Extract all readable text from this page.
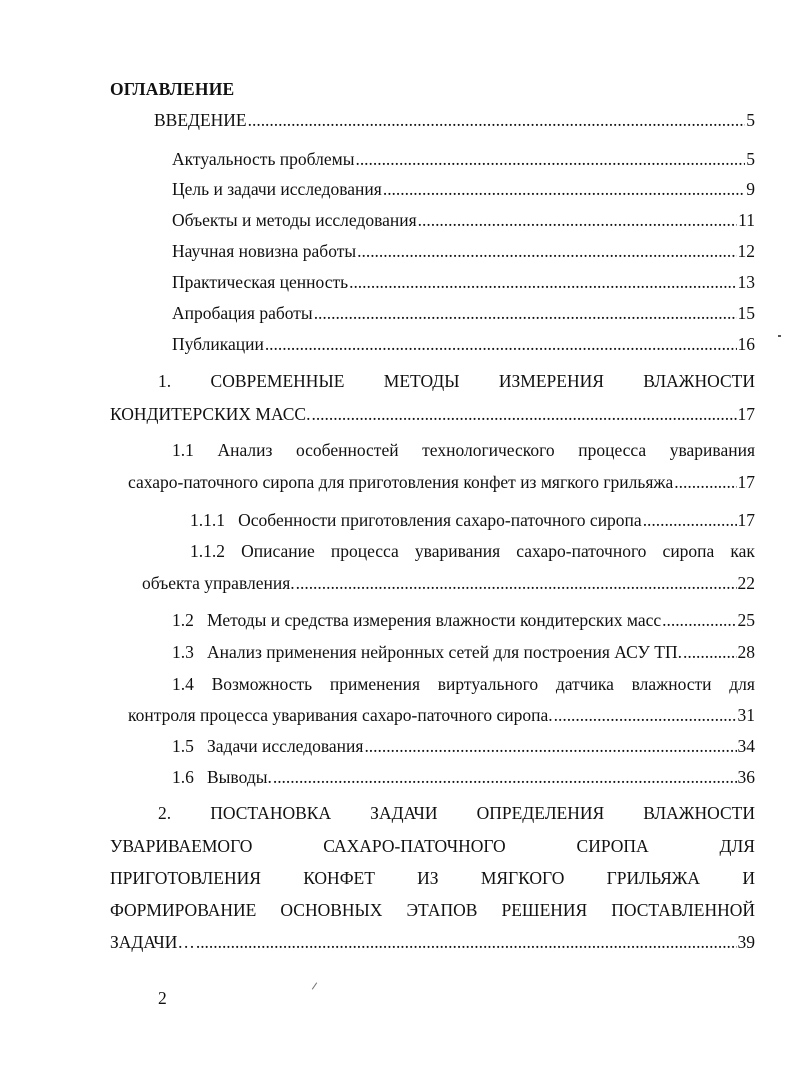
ОГЛАВЛЕНИЕ
ВВЕДЕНИЕ . . .	5
Актуальность проблемы . . .	5
Цель и задачи исследования . . .	9
Объекты и методы исследования . . .	11
Научная новизна работы . . .	12
Практическая ценность . . .	13
Апробация работы . . .	15
Публикации . . .	16
1. СОВРЕМЕННЫЕ МЕТОДЫ ИЗМЕРЕНИЯ ВЛАЖНОСТИ
КОНДИТЕРСКИХ МАСС. . . .	17
1.1 Анализ особенностей технологического процесса уваривания
сахаро-паточного сиропа для приготовления конфет из мягкого грильяжа . . .	17
1.1.1   Особенности приготовления сахаро-паточного сиропа . . .	17
1.1.2 Описание процесса уваривания сахаро-паточного сиропа как
объекта управления. . . .	22
1.2   Методы и средства измерения влажности кондитерских масс . . .	25
1.3   Анализ применения нейронных сетей для построения АСУ ТП. . . .	28
1.4 Возможность применения виртуального датчика влажности для
контроля процесса уваривания сахаро-паточного сиропа. . . .	31
1.5   Задачи исследования . . .	34
1.6   Выводы. . . .	36
2. ПОСТАНОВКА ЗАДАЧИ ОПРЕДЕЛЕНИЯ ВЛАЖНОСТИ
УВАРИВАЕМОГО	САХАРО-ПАТОЧНОГО	СИРОПА	ДЛЯ
ПРИГОТОВЛЕНИЯ КОНФЕТ ИЗ МЯГКОГО ГРИЛЬЯЖА И
ФОРМИРОВАНИЕ ОСНОВНЫХ ЭТАПОВ РЕШЕНИЯ ПОСТАВЛЕННОЙ
ЗАДАЧИ… . . .	39
2
